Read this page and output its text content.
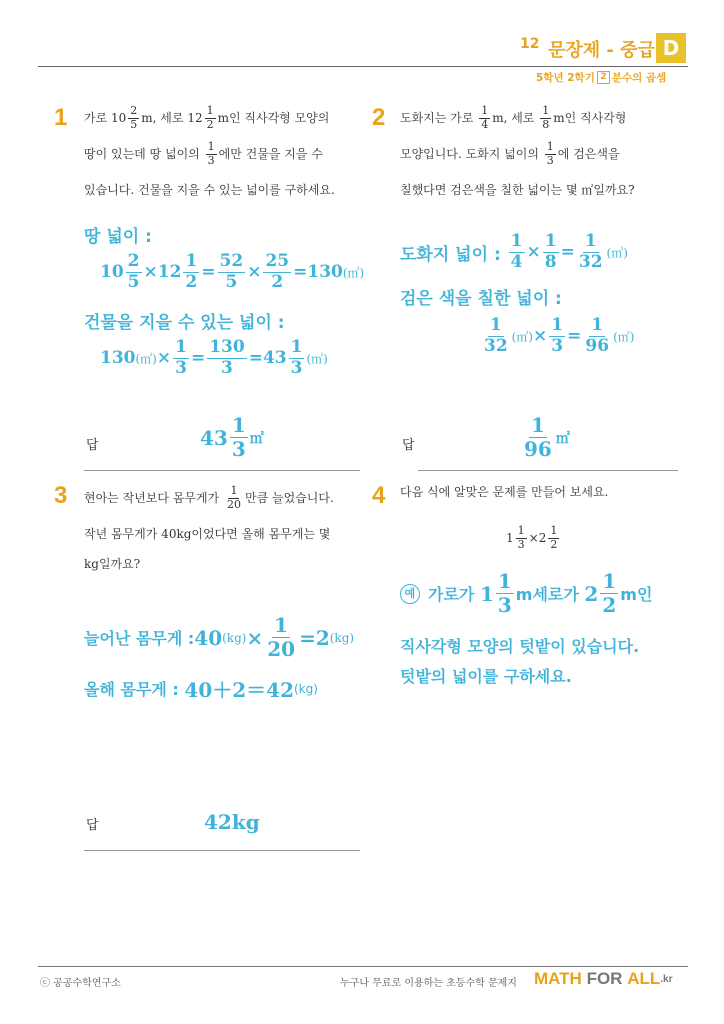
12 문장제 - 중급 D
5학년 2학기 2 분수의 곱셈
1 가로
$10 \frac{2}{5} m$, 세로
$12 \frac{1}{2}$ m인 직사각형 모양의
땅이 있는데 땅 넓이의
$\frac{1}{3}$ 에만 건물을 지을 수
있습니다. 건물을 지을 수 있는 넓이를 구하세요.
땅 넓이 :
$10 \frac{2}{5} \times 12 \frac{1}{2} = \frac{52}{5} \times \frac{25}{2} = 130$ (㎡)
건물을 지을 수 있는 넓이 :
130 (㎡) × $\frac{1}{3} = \frac{130}{3} = 43 \frac{1}{3}$ (㎡)
답	$43 \frac{1}{3}$ ㎡
2 도화지는 가로
$\frac{1}{4} m$, 세로
$\frac{1}{8}$ m인 직사각형
모양입니다. 도화지 넓이의
$\frac{1}{3}$ 에 검은색을
칠했다면 검은색을 칠한 넓이는 몇 ㎡일까요?
도화지 넓이 :
$\frac{1}{4} \times \frac{1}{8} = \frac{1}{32}$ (㎡)
검은 색을 칠한 넓이 :
$\frac{1}{32}$ (㎡) × $\frac{1}{3} = \frac{1}{96}$ (㎡)
답	$\frac{1}{96}$ ㎡
3 현아는 작년보다 몸무게가
$\frac{1}{20}$ 만큼 늘었습니다.
작년 몸무게가 40kg이었다면 올해 몸무게는 몇
kg일까요?
늘어난 몸무게 : 40 $(kg) \times \frac{1}{20} = 2$ (kg)
올해 몸무게 :
40＋2＝42 (kg)
답	42kg
4 다음 식에 알맞은 문제를 만들어 보세요.
$1 \frac{1}{3} \times 2 \frac{1}{2}$
예 가로가
$1 \frac{1}{3}$ m세로가
$2 \frac{1}{2}$ m인
직사각형 모양의 텃밭이 있습니다.
텃밭의 넓이를 구하세요.
ⓒ 공공수학연구소	누구나 무료로 이용하는 초등수학 문제지 MATH
FOR
ALL .kr
